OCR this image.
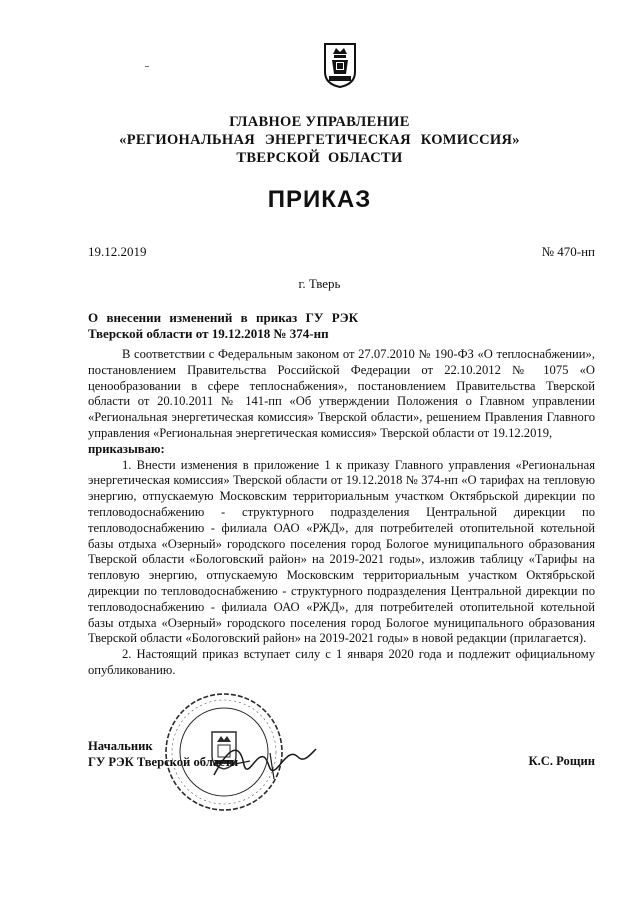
ГЛАВНОЕ УПРАВЛЕНИЕ
«РЕГИОНАЛЬНАЯ ЭНЕРГЕТИЧЕСКАЯ КОМИССИЯ»
ТВЕРСКОЙ ОБЛАСТИ
ПРИКАЗ
19.12.2019	№ 470-нп
г. Тверь
О внесении изменений в приказ ГУ РЭК
Тверской области от 19.12.2018 № 374-нп

В соответствии с Федеральным законом от 27.07.2010 № 190-ФЗ «О теплоснабжении», постановлением Правительства Российской Федерации от 22.10.2012 № 1075 «О ценообразовании в сфере теплоснабжения», постановлением Правительства Тверской области от 20.10.2011 № 141-пп «Об утверждении Положения о Главном управлении «Региональная энергетическая комиссия» Тверской области», решением Правления Главного управления «Региональная энергетическая комиссия» Тверской области от 19.12.2019,

приказываю:

1. Внести изменения в приложение 1 к приказу Главного управления «Региональная энергетическая комиссия» Тверской области от 19.12.2018 № 374-нп «О тарифах на тепловую энергию, отпускаемую Московским территориальным участком Октябрьской дирекции по тепловодоснабжению - структурного подразделения Центральной дирекции по тепловодоснабжению - филиала ОАО «РЖД», для потребителей отопительной котельной базы отдыха «Озерный» городского поселения город Бологое муниципального образования Тверской области «Бологовский район» на 2019-2021 годы», изложив таблицу «Тарифы на тепловую энергию, отпускаемую Московским территориальным участком Октябрьской дирекции по тепловодоснабжению - структурного подразделения Центральной дирекции по тепловодоснабжению - филиала ОАО «РЖД», для потребителей отопительной котельной базы отдыха «Озерный» городского поселения город Бологое муниципального образования Тверской области «Бологовский район» на 2019-2021 годы» в новой редакции (прилагается).

2. Настоящий приказ вступает силу с 1 января 2020 года и подлежит официальному опубликованию.

Начальник
ГУ РЭК Тверской области	К.С. Рощин
